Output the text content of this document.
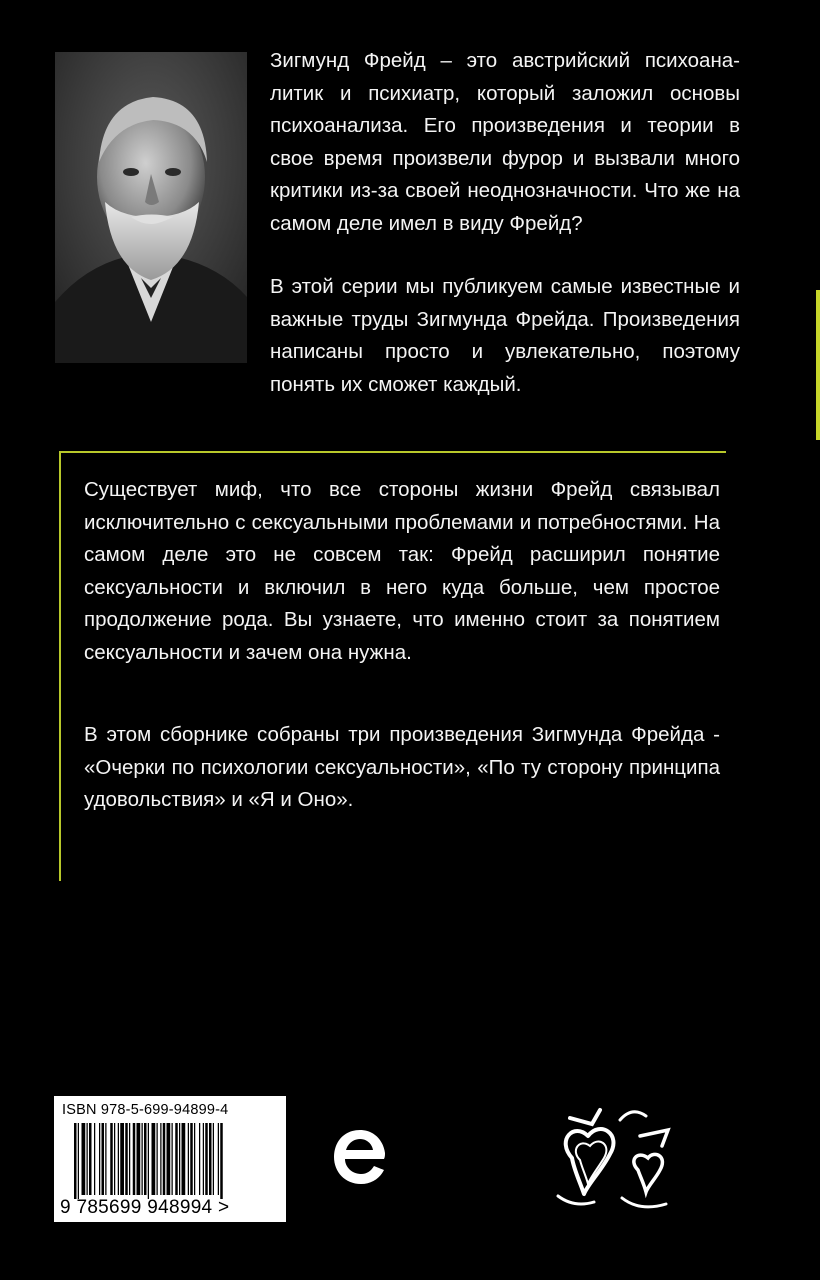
Зигмунд Фрейд – это австрийский психоаналитик и психиатр, который заложил основы психоанализа. Его произведения и теории в свое время произвели фурор и вызвали много критики из-за своей неоднозначности. Что же на самом деле имел в виду Фрейд?

В этой серии мы публикуем самые известные и важные труды Зигмунда Фрейда. Произведения написаны просто и увлекательно, поэтому понять их сможет каждый.

Существует миф, что все стороны жизни Фрейд связывал исключительно с сексуальными проблемами и потребностями. На самом деле это не совсем так: Фрейд расширил понятие сексуальности и включил в него куда больше, чем простое продолжение рода. Вы узнаете, что именно стоит за понятием сексуальности и зачем она нужна.

В этом сборнике собраны три произведения Зигмунда Фрейда - «Очерки по психологии сексуальности», «По ту сторону принципа удовольствия» и «Я и Оно».

ISBN 978-5-699-94899-4
9 785699 948994 >
